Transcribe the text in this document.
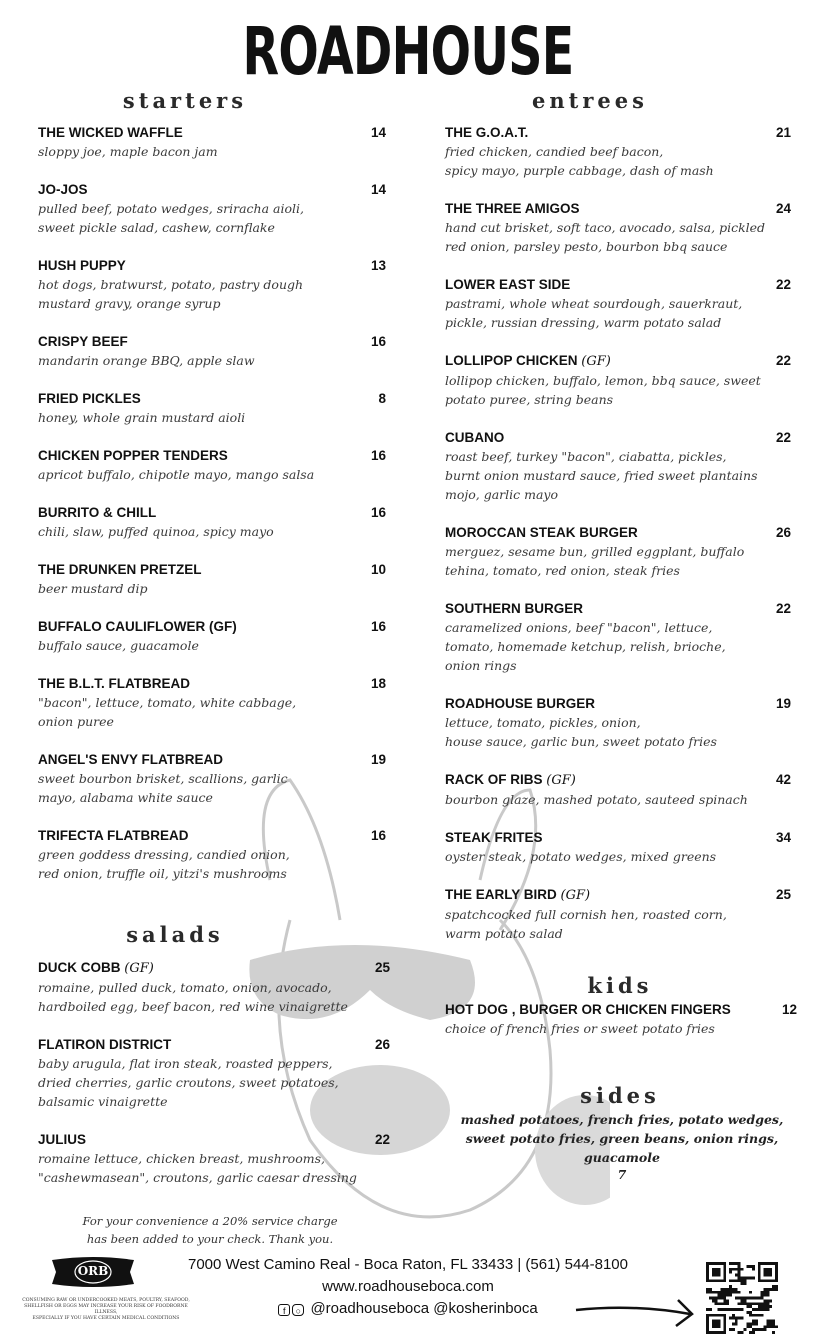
ROADHOUSE
starters
THE WICKED WAFFLE	14
sloppy joe, maple bacon jam
JO-JOS	14
pulled beef, potato wedges, sriracha aioli,
sweet pickle salad, cashew, cornflake
HUSH PUPPY	13
hot dogs, bratwurst, potato, pastry dough
mustard gravy, orange syrup
CRISPY BEEF	16
mandarin orange BBQ, apple slaw
FRIED PICKLES	8
honey, whole grain mustard aioli
CHICKEN POPPER TENDERS	16
apricot buffalo, chipotle mayo, mango salsa
BURRITO & CHILL	16
chili, slaw, puffed quinoa, spicy mayo
THE DRUNKEN PRETZEL	10
beer mustard dip
BUFFALO CAULIFLOWER (GF)	16
buffalo sauce, guacamole
THE B.L.T. FLATBREAD	18
"bacon", lettuce, tomato, white cabbage,
onion puree
ANGEL'S ENVY FLATBREAD	19
sweet bourbon brisket, scallions, garlic
mayo, alabama white sauce
TRIFECTA FLATBREAD	16
green goddess dressing, candied onion,
red onion, truffle oil, yitzi's mushrooms
salads
DUCK COBB (GF)	25
romaine, pulled duck, tomato, onion, avocado,
hardboiled egg, beef bacon, red wine vinaigrette
FLATIRON DISTRICT	26
baby arugula, flat iron steak, roasted peppers,
dried cherries, garlic croutons, sweet potatoes,
balsamic vinaigrette
JULIUS	22
romaine lettuce, chicken breast, mushrooms,
"cashewmasean", croutons, garlic caesar dressing
entrees
THE G.O.A.T.	21
fried chicken, candied beef bacon,
spicy mayo, purple cabbage, dash of mash
THE THREE AMIGOS	24
hand cut brisket, soft taco, avocado, salsa, pickled
red onion, parsley pesto, bourbon bbq sauce
LOWER EAST SIDE	22
pastrami, whole wheat sourdough, sauerkraut,
pickle, russian dressing, warm potato salad
LOLLIPOP CHICKEN (GF)	22
lollipop chicken, buffalo, lemon, bbq sauce, sweet
potato puree, string beans
CUBANO	22
roast beef, turkey "bacon", ciabatta, pickles,
burnt onion mustard sauce, fried sweet plantains
mojo, garlic mayo
MOROCCAN STEAK BURGER	26
merguez, sesame bun, grilled eggplant, buffalo
tehina, tomato, red onion, steak fries
SOUTHERN BURGER	22
caramelized onions, beef "bacon", lettuce,
tomato, homemade ketchup, relish, brioche,
onion rings
ROADHOUSE BURGER	19
lettuce, tomato, pickles, onion,
house sauce, garlic bun, sweet potato fries
RACK OF RIBS (GF)	42
bourbon glaze, mashed potato, sauteed spinach
STEAK FRITES	34
oyster steak, potato wedges, mixed greens
THE EARLY BIRD (GF)	25
spatchcocked full cornish hen, roasted corn,
warm potato salad
kids
HOT DOG , BURGER OR CHICKEN FINGERS	12
choice of french fries or sweet potato fries
sides
mashed potatoes, french fries, potato wedges,
sweet potato fries, green beans, onion rings,
guacamole
7
For your convenience a 20% service charge
has been added to your check. Thank you.
ORB
CONSUMING RAW OR UNDERCOOKED MEATS, POULTRY, SEAFOOD,
SHELLFISH OR EGGS MAY INCREASE YOUR RISK OF FOODBORNE ILLNESS,
ESPECIALLY IF YOU HAVE CERTAIN MEDICAL CONDITIONS
7000 West Camino Real - Boca Raton, FL 33433 | (561) 544-8100
www.roadhouseboca.com
f ○ @roadhouseboca @kosherinboca
